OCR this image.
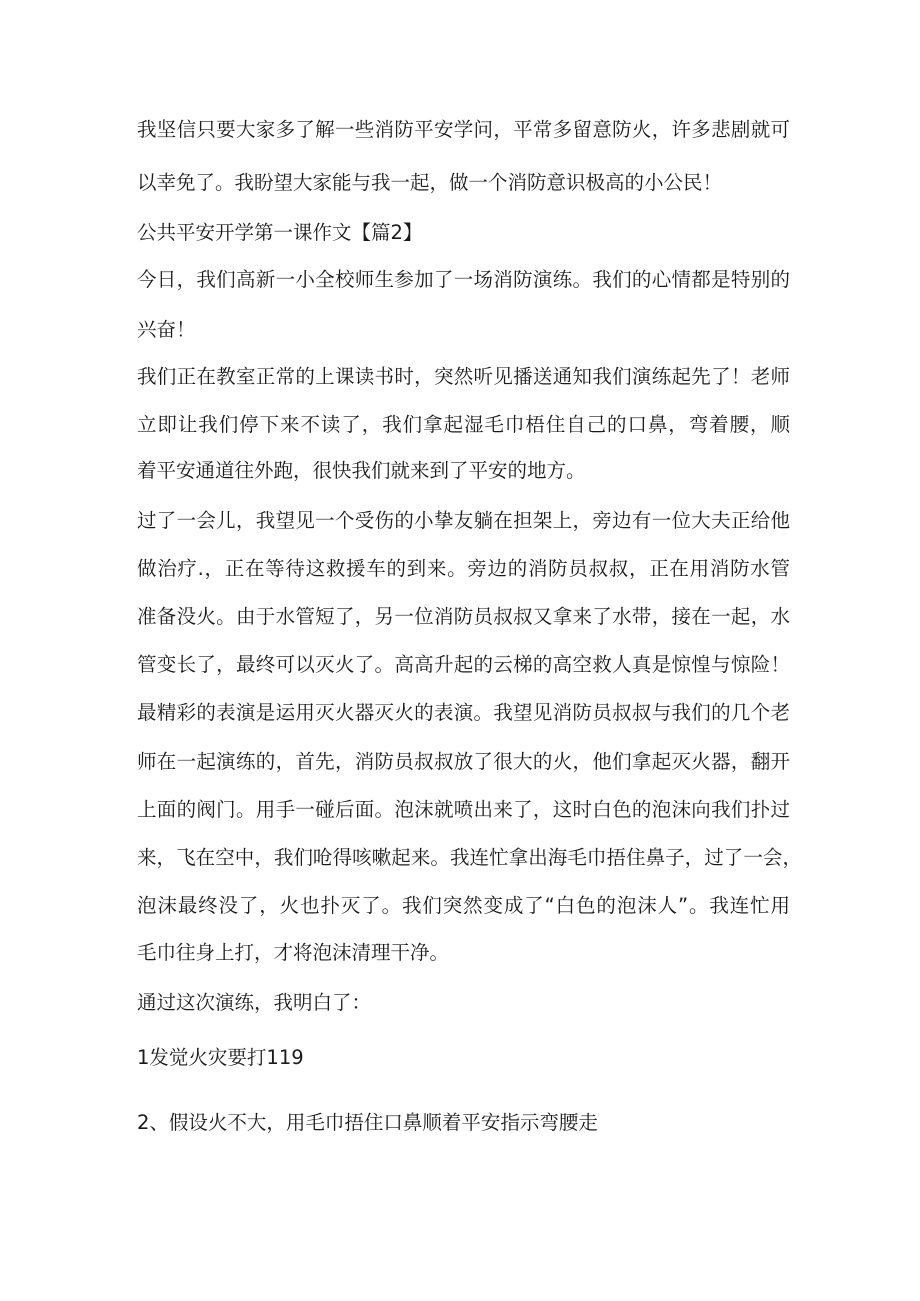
我坚信只要大家多了解一些消防平安学问，平常多留意防火，许多悲剧就可
以幸免了。我盼望大家能与我一起，做一个消防意识极高的小公民！
公共平安开学第一课作文【篇2】
今日，我们高新一小全校师生参加了一场消防演练。我们的心情都是特别的
兴奋！
我们正在教室正常的上课读书时，突然听见播送通知我们演练起先了！老师
立即让我们停下来不读了，我们拿起湿毛巾梧住自己的口鼻，弯着腰，顺
着平安通道往外跑，很快我们就来到了平安的地方。
过了一会儿，我望见一个受伤的小挚友躺在担架上，旁边有一位大夫正给他
做治疗.，正在等待这救援车的到来。旁边的消防员叔叔，正在用消防水管
准备没火。由于水管短了，另一位消防员叔叔又拿来了水带，接在一起，水
管变长了，最终可以灭火了。高高升起的云梯的高空救人真是惊惶与惊险！
最精彩的表演是运用灭火器灭火的表演。我望见消防员叔叔与我们的几个老
师在一起演练的，首先，消防员叔叔放了很大的火，他们拿起灭火器，翻开
上面的阀门。用手一碰后面。泡沫就喷出来了，这时白色的泡沫向我们扑过
来，飞在空中，我们呛得咳嗽起来。我连忙拿出海毛巾捂住鼻子，过了一会，
泡沫最终没了，火也扑灭了。我们突然变成了“白色的泡沫人”。我连忙用
毛巾往身上打，才将泡沫清理干净。
通过这次演练，我明白了：
1发觉火灾要打119
2、假设火不大，用毛巾捂住口鼻顺着平安指示弯腰走
